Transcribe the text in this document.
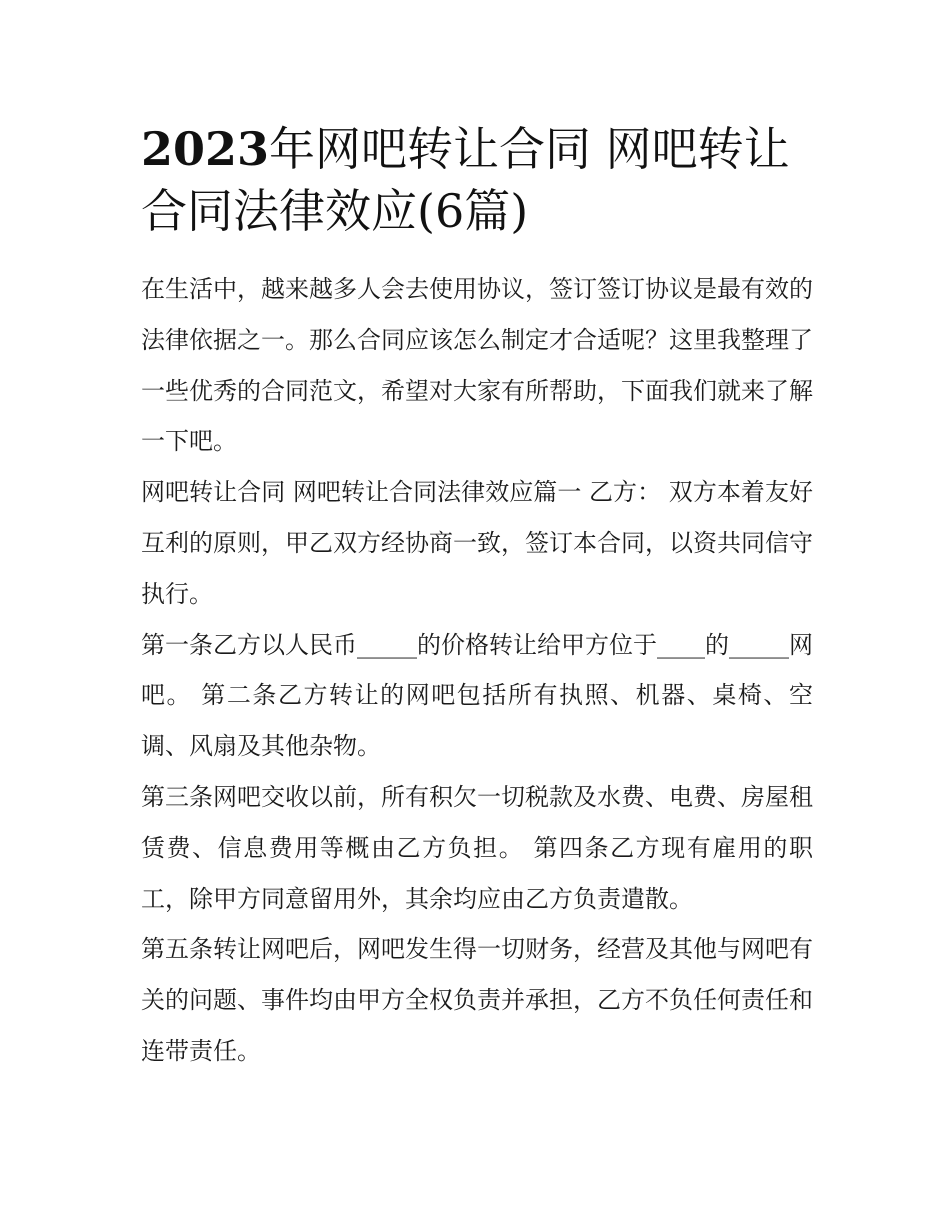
2023年网吧转让合同 网吧转让合同法律效应(6篇)

在生活中，越来越多人会去使用协议，签订签订协议是最有效的法律依据之一。那么合同应该怎么制定才合适呢？这里我整理了一些优秀的合同范文，希望对大家有所帮助，下面我们就来了解一下吧。

网吧转让合同 网吧转让合同法律效应篇一 乙方： 双方本着友好互利的原则，甲乙双方经协商一致，签订本合同，以资共同信守执行。

第一条乙方以人民币_____的价格转让给甲方位于____的_____网吧。 第二条乙方转让的网吧包括所有执照、机器、桌椅、空调、风扇及其他杂物。

第三条网吧交收以前，所有积欠一切税款及水费、电费、房屋租赁费、信息费用等概由乙方负担。 第四条乙方现有雇用的职工，除甲方同意留用外，其余均应由乙方负责遣散。

第五条转让网吧后，网吧发生得一切财务，经营及其他与网吧有关的问题、事件均由甲方全权负责并承担，乙方不负任何责任和连带责任。
